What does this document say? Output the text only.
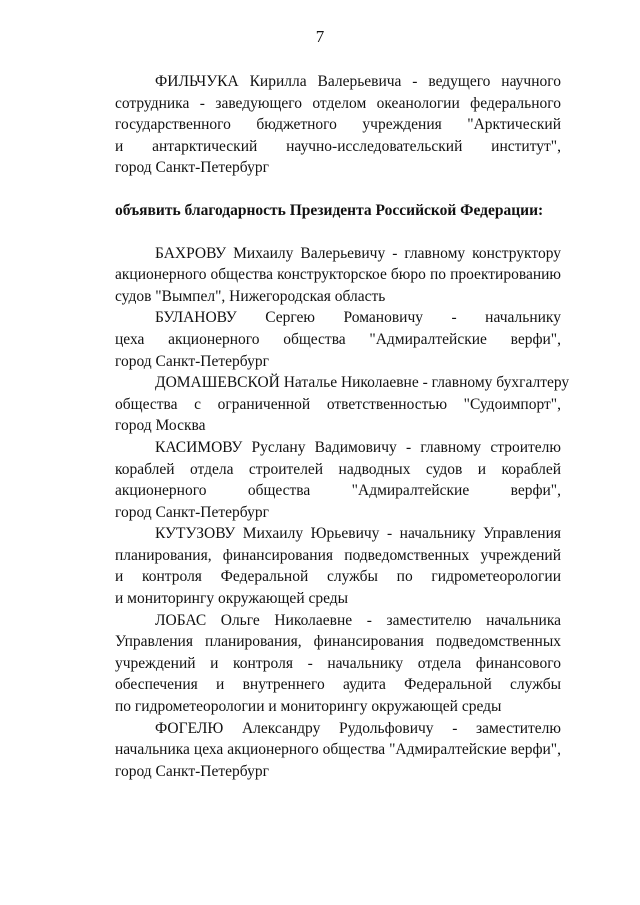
7

ФИЛЬЧУКА Кирилла Валерьевича - ведущего научного
сотрудника - заведующего отделом океанологии федерального
государственного бюджетного учреждения "Арктический
и антарктический научно-исследовательский институт",
город Санкт-Петербург

объявить благодарность Президента Российской Федерации:

БАХРОВУ Михаилу Валерьевичу - главному конструктору
акционерного общества конструкторское бюро по проектированию
судов "Вымпел", Нижегородская область

БУЛАНОВУ Сергею Романовичу - начальнику
цеха акционерного общества "Адмиралтейские верфи",
город Санкт-Петербург

ДОМАШЕВСКОЙ Наталье Николаевне - главному бухгалтеру
общества с ограниченной ответственностью "Судоимпорт",
город Москва

КАСИМОВУ Руслану Вадимовичу - главному строителю
кораблей отдела строителей надводных судов и кораблей
акционерного общества "Адмиралтейские верфи",
город Санкт-Петербург

КУТУЗОВУ Михаилу Юрьевичу - начальнику Управления
планирования, финансирования подведомственных учреждений
и контроля Федеральной службы по гидрометеорологии
и мониторингу окружающей среды

ЛОБАС Ольге Николаевне - заместителю начальника
Управления планирования, финансирования подведомственных
учреждений и контроля - начальнику отдела финансового
обеспечения и внутреннего аудита Федеральной службы
по гидрометеорологии и мониторингу окружающей среды

ФОГЕЛЮ Александру Рудольфовичу - заместителю
начальника цеха акционерного общества "Адмиралтейские верфи",
город Санкт-Петербург
